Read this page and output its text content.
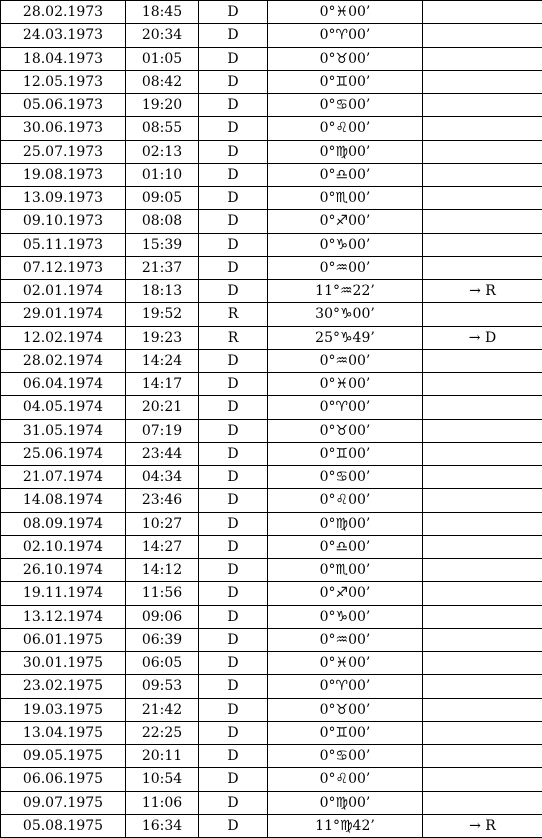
28.02.1973	18:45	D	0°♓︎00’	
24.03.1973	20:34	D	0°♈︎00’	
18.04.1973	01:05	D	0°♉︎00’	
12.05.1973	08:42	D	0°♊︎00’	
05.06.1973	19:20	D	0°♋︎00’	
30.06.1973	08:55	D	0°♌︎00’	
25.07.1973	02:13	D	0°♍︎00’	
19.08.1973	01:10	D	0°♎︎00’	
13.09.1973	09:05	D	0°♏︎00’	
09.10.1973	08:08	D	0°♐︎00’	
05.11.1973	15:39	D	0°♑︎00’	
07.12.1973	21:37	D	0°♒︎00’	
02.01.1974	18:13	D	11°♒︎22’	→ R
29.01.1974	19:52	R	30°♑︎00’	
12.02.1974	19:23	R	25°♑︎49’	→ D
28.02.1974	14:24	D	0°♒︎00’	
06.04.1974	14:17	D	0°♓︎00’	
04.05.1974	20:21	D	0°♈︎00’	
31.05.1974	07:19	D	0°♉︎00’	
25.06.1974	23:44	D	0°♊︎00’	
21.07.1974	04:34	D	0°♋︎00’	
14.08.1974	23:46	D	0°♌︎00’	
08.09.1974	10:27	D	0°♍︎00’	
02.10.1974	14:27	D	0°♎︎00’	
26.10.1974	14:12	D	0°♏︎00’	
19.11.1974	11:56	D	0°♐︎00’	
13.12.1974	09:06	D	0°♑︎00’	
06.01.1975	06:39	D	0°♒︎00’	
30.01.1975	06:05	D	0°♓︎00’	
23.02.1975	09:53	D	0°♈︎00’	
19.03.1975	21:42	D	0°♉︎00’	
13.04.1975	22:25	D	0°♊︎00’	
09.05.1975	20:11	D	0°♋︎00’	
06.06.1975	10:54	D	0°♌︎00’	
09.07.1975	11:06	D	0°♍︎00’	
05.08.1975	16:34	D	11°♍︎42’	→ R
